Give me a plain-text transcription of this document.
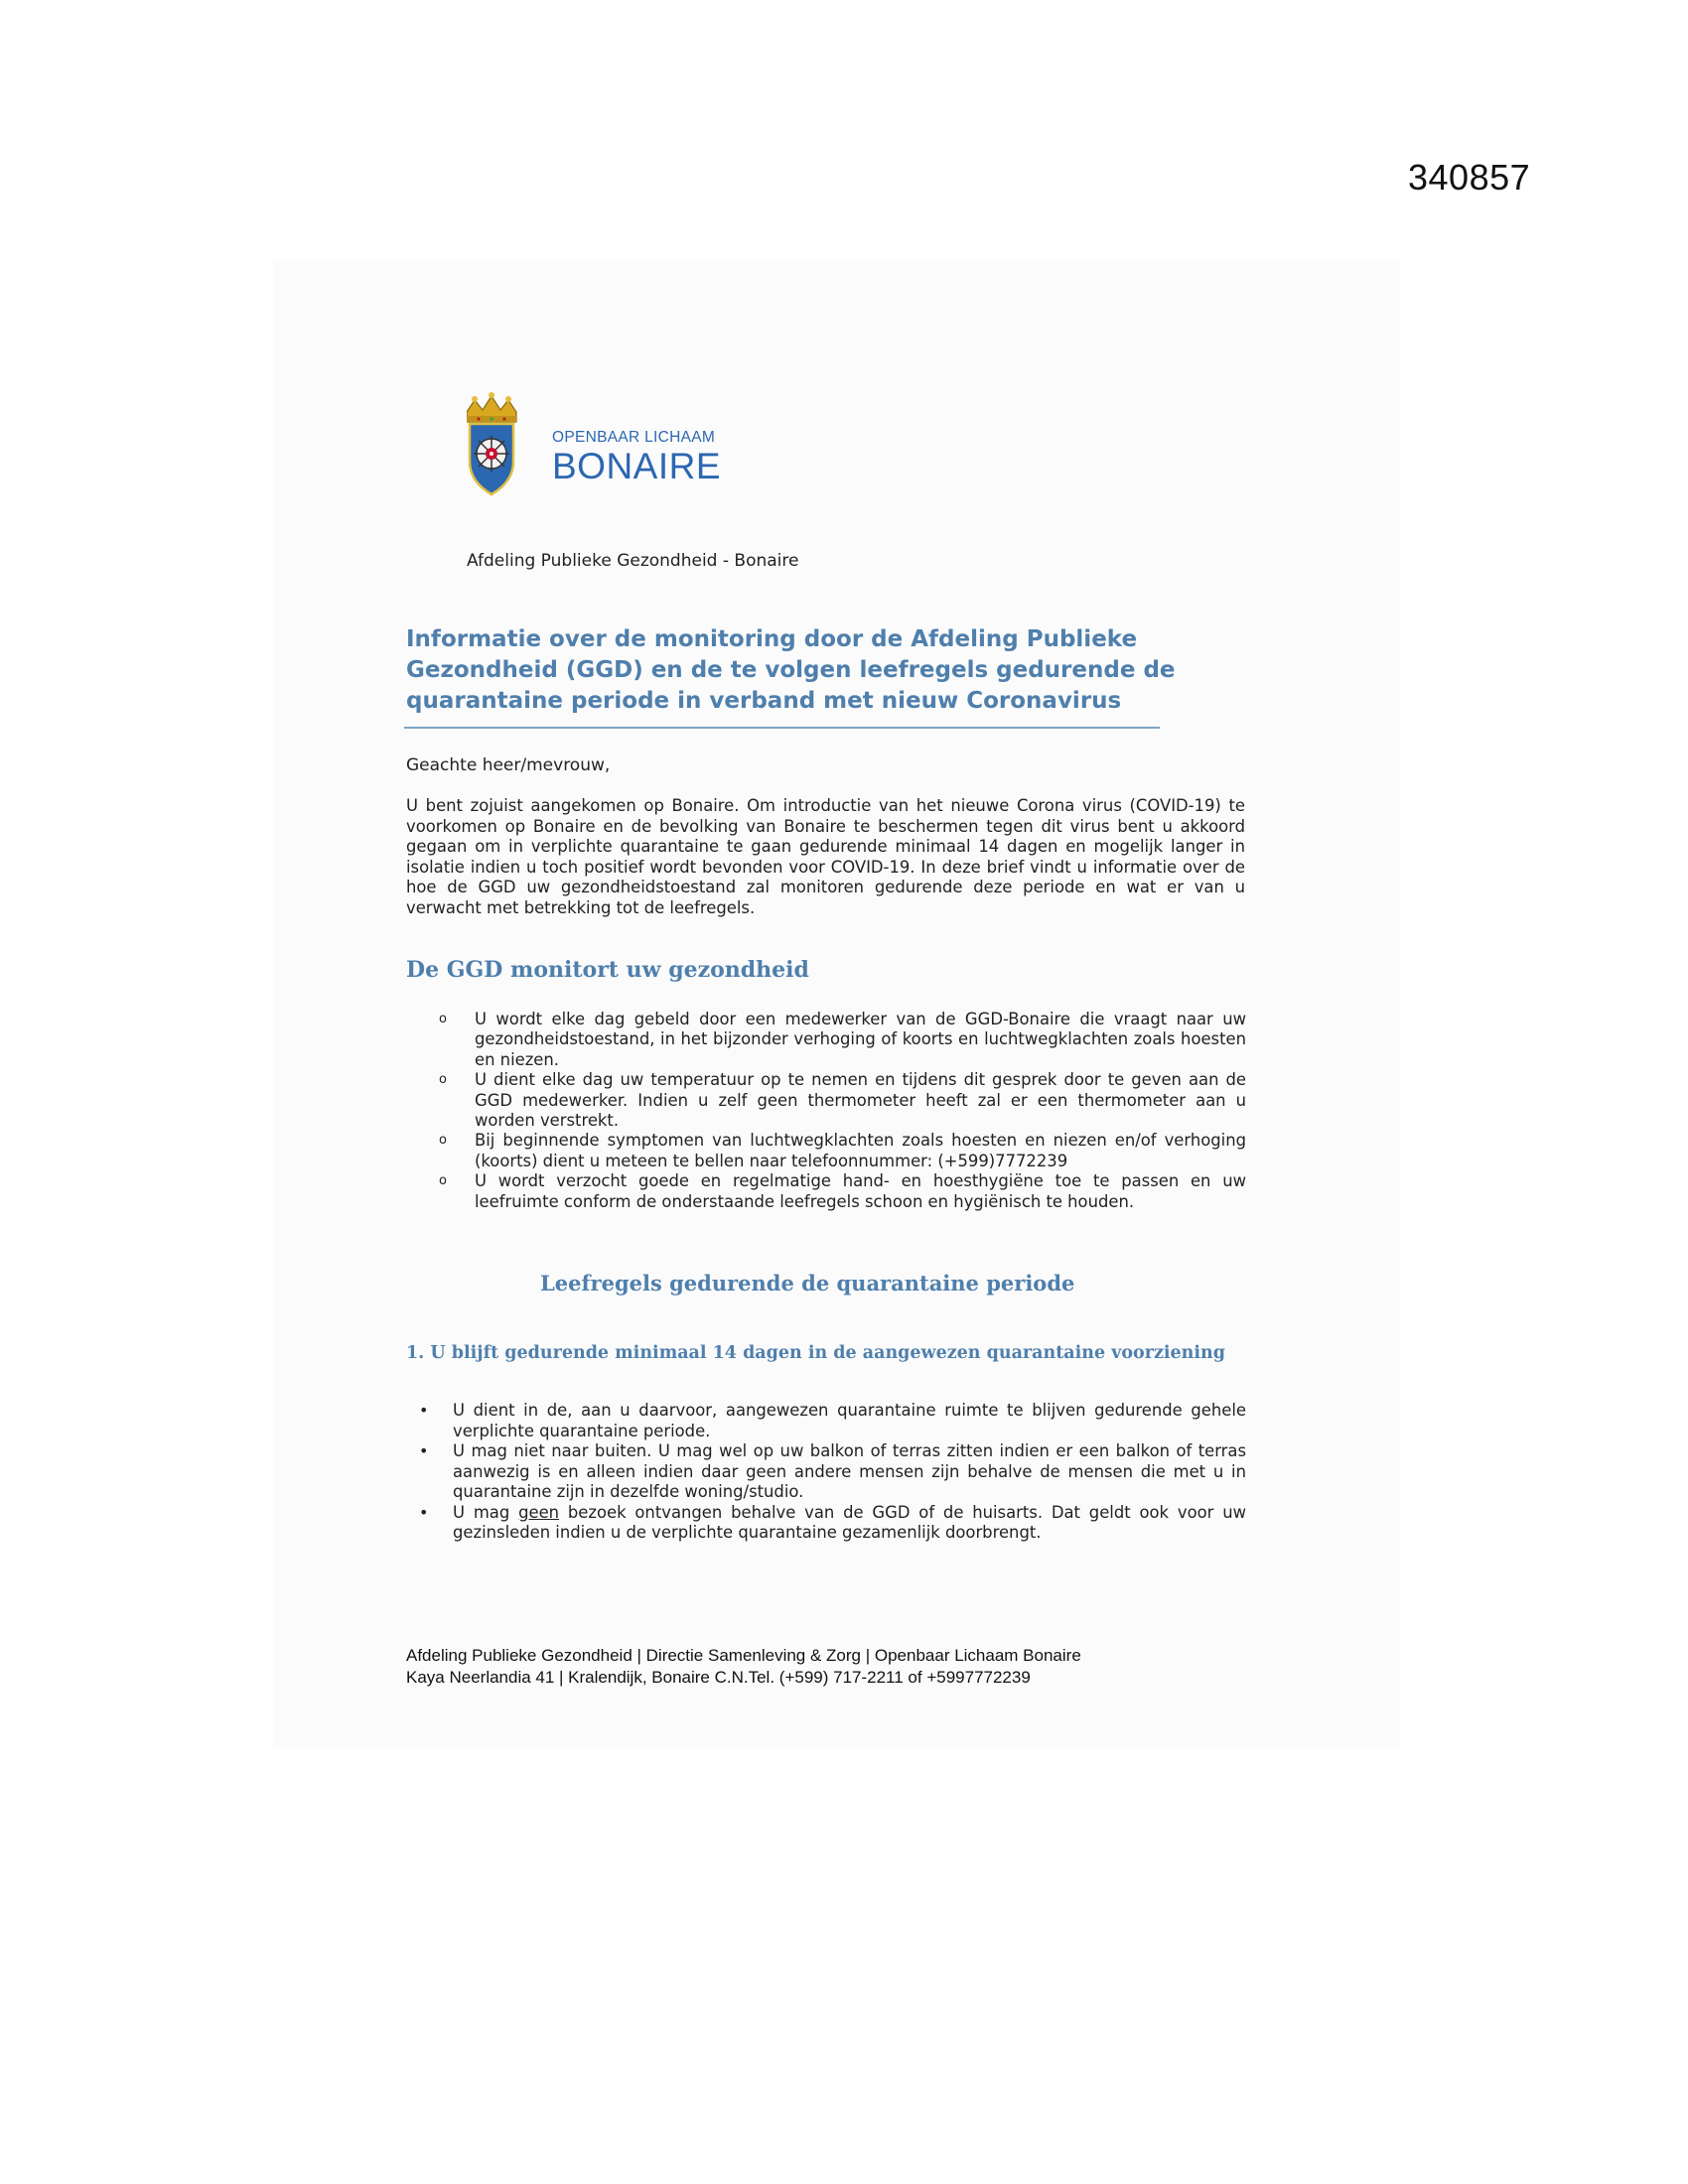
340857
OPENBAAR LICHAAM
BONAIRE
Afdeling Publieke Gezondheid - Bonaire
Informatie over de monitoring door de Afdeling Publieke
Gezondheid (GGD) en de te volgen leefregels gedurende de
quarantaine periode in verband met nieuw Coronavirus
Geachte heer/mevrouw,

U bent zojuist aangekomen op Bonaire. Om introductie van het nieuwe Corona virus (COVID-19) te voorkomen op Bonaire en de bevolking van Bonaire te beschermen tegen dit virus bent u akkoord gegaan om in verplichte quarantaine te gaan gedurende minimaal 14 dagen en mogelijk langer in isolatie indien u toch positief wordt bevonden voor COVID-19. In deze brief vindt u informatie over de hoe de GGD uw gezondheidstoestand zal monitoren gedurende deze periode en wat er van u verwacht met betrekking tot de leefregels.

De GGD monitort uw gezondheid
o U wordt elke dag gebeld door een medewerker van de GGD-Bonaire die vraagt naar uw gezondheidstoestand, in het bijzonder verhoging of koorts en luchtwegklachten zoals hoesten en niezen.
o U dient elke dag uw temperatuur op te nemen en tijdens dit gesprek door te geven aan de GGD medewerker. Indien u zelf geen thermometer heeft zal er een thermometer aan u worden verstrekt.
o Bij beginnende symptomen van luchtwegklachten zoals hoesten en niezen en/of verhoging (koorts) dient u meteen te bellen naar telefoonnummer: (+599)7772239
o U wordt verzocht goede en regelmatige hand- en hoesthygiëne toe te passen en uw leefruimte conform de onderstaande leefregels schoon en hygiënisch te houden.
Leefregels gedurende de quarantaine periode
1. U blijft gedurende minimaal 14 dagen in de aangewezen quarantaine voorziening
• U dient in de, aan u daarvoor, aangewezen quarantaine ruimte te blijven gedurende gehele verplichte quarantaine periode.
• U mag niet naar buiten. U mag wel op uw balkon of terras zitten indien er een balkon of terras aanwezig is en alleen indien daar geen andere mensen zijn behalve de mensen die met u in quarantaine zijn in dezelfde woning/studio.
• U mag geen bezoek ontvangen behalve van de GGD of de huisarts. Dat geldt ook voor uw gezinsleden indien u de verplichte quarantaine gezamenlijk doorbrengt.
Afdeling Publieke Gezondheid | Directie Samenleving & Zorg | Openbaar Lichaam Bonaire
Kaya Neerlandia 41 | Kralendijk, Bonaire C.N.Tel. (+599) 717-2211 of +5997772239
